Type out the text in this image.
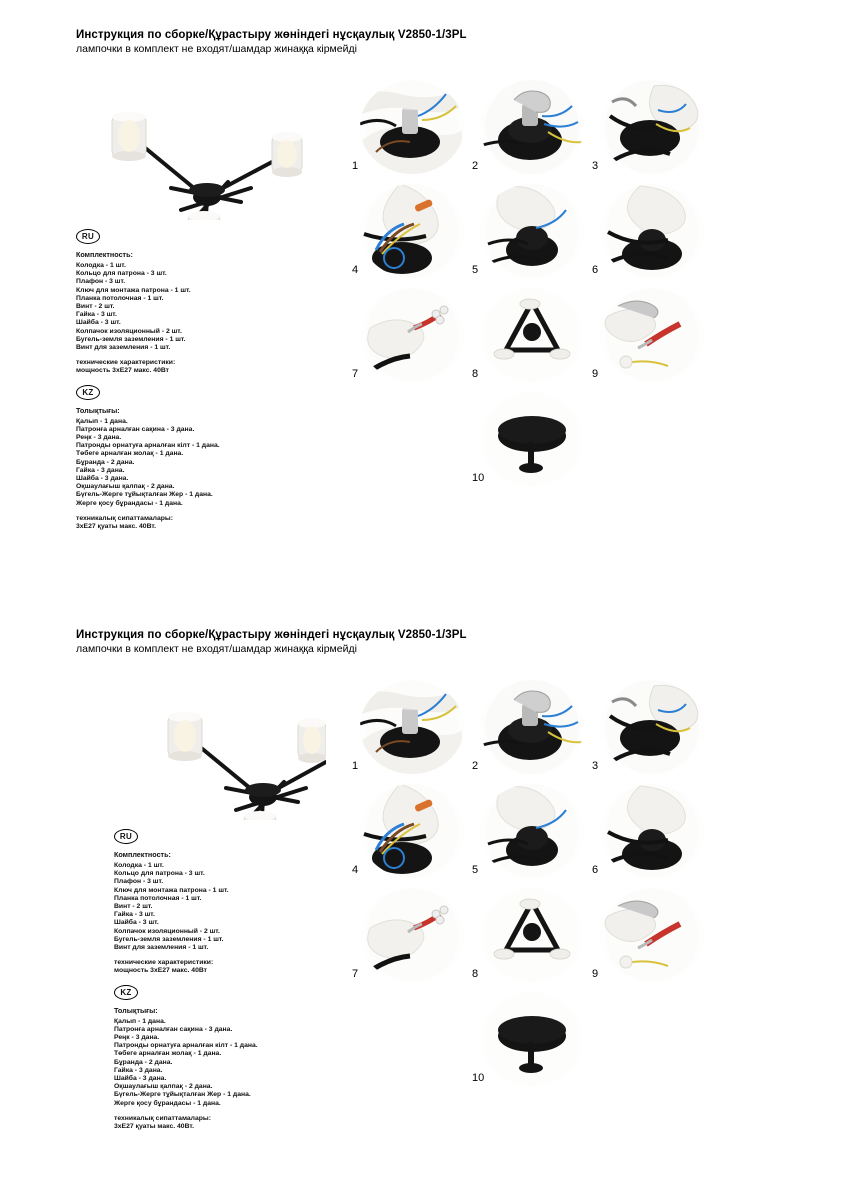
Инструкция по сборке/Құрастыру жөніндегі нұсқаулық V2850-1/3PL
лампочки в комплект не входят/шамдар жинаққа кірмейді
RU
Комплектность:
Колодка - 1 шт.
Кольцо для патрона - 3 шт.
Плафон - 3 шт.
Ключ для монтажа патрона - 1 шт.
Планка потолочная - 1 шт.
Винт - 2 шт.
Гайка - 3 шт.
Шайба - 3 шт.
Колпачок изоляционный - 2 шт.
Бугель-земля заземления - 1 шт.
Винт для заземления - 1 шт.
технические характеристики:
мощность 3хЕ27 макс. 40Вт
KZ
Толықтығы:
Қалып - 1 дана.
Патронға арналған сақина - 3 дана.
Реңк - 3 дана.
Патронды орнатуға арналған кілт - 1 дана.
Төбеге арналған жолақ - 1 дана.
Бұранда - 2 дана.
Гайка - 3 дана.
Шайба - 3 дана.
Оқшаулағыш қалпақ - 2 дана.
Бүгель-Жерге тұйықталған Жер - 1 дана.
Жерге қосу бұрандасы - 1 дана.
техникалық сипаттамалары:
3хЕ27 қуаты макс. 40Вт.
1	2	3
4	5	6
7	8	9
10
Инструкция по сборке/Құрастыру жөніндегі нұсқаулық V2850-1/3PL
лампочки в комплект не входят/шамдар жинаққа кірмейді
RU
Комплектность:
Колодка - 1 шт.
Кольцо для патрона - 3 шт.
Плафон - 3 шт.
Ключ для монтажа патрона - 1 шт.
Планка потолочная - 1 шт.
Винт - 2 шт.
Гайка - 3 шт.
Шайба - 3 шт.
Колпачок изоляционный - 2 шт.
Бугель-земля заземления - 1 шт.
Винт для заземления - 1 шт.
технические характеристики:
мощность 3хЕ27 макс. 40Вт
KZ
Толықтығы:
Қалып - 1 дана.
Патронға арналған сақина - 3 дана.
Реңк - 3 дана.
Патронды орнатуға арналған кілт - 1 дана.
Төбеге арналған жолақ - 1 дана.
Бұранда - 2 дана.
Гайка - 3 дана.
Шайба - 3 дана.
Оқшаулағыш қалпақ - 2 дана.
Бүгель-Жерге тұйықталған Жер - 1 дана.
Жерге қосу бұрандасы - 1 дана.
техникалық сипаттамалары:
3хЕ27 қуаты макс. 40Вт.
1	2	3
4	5	6
7	8	9
10
